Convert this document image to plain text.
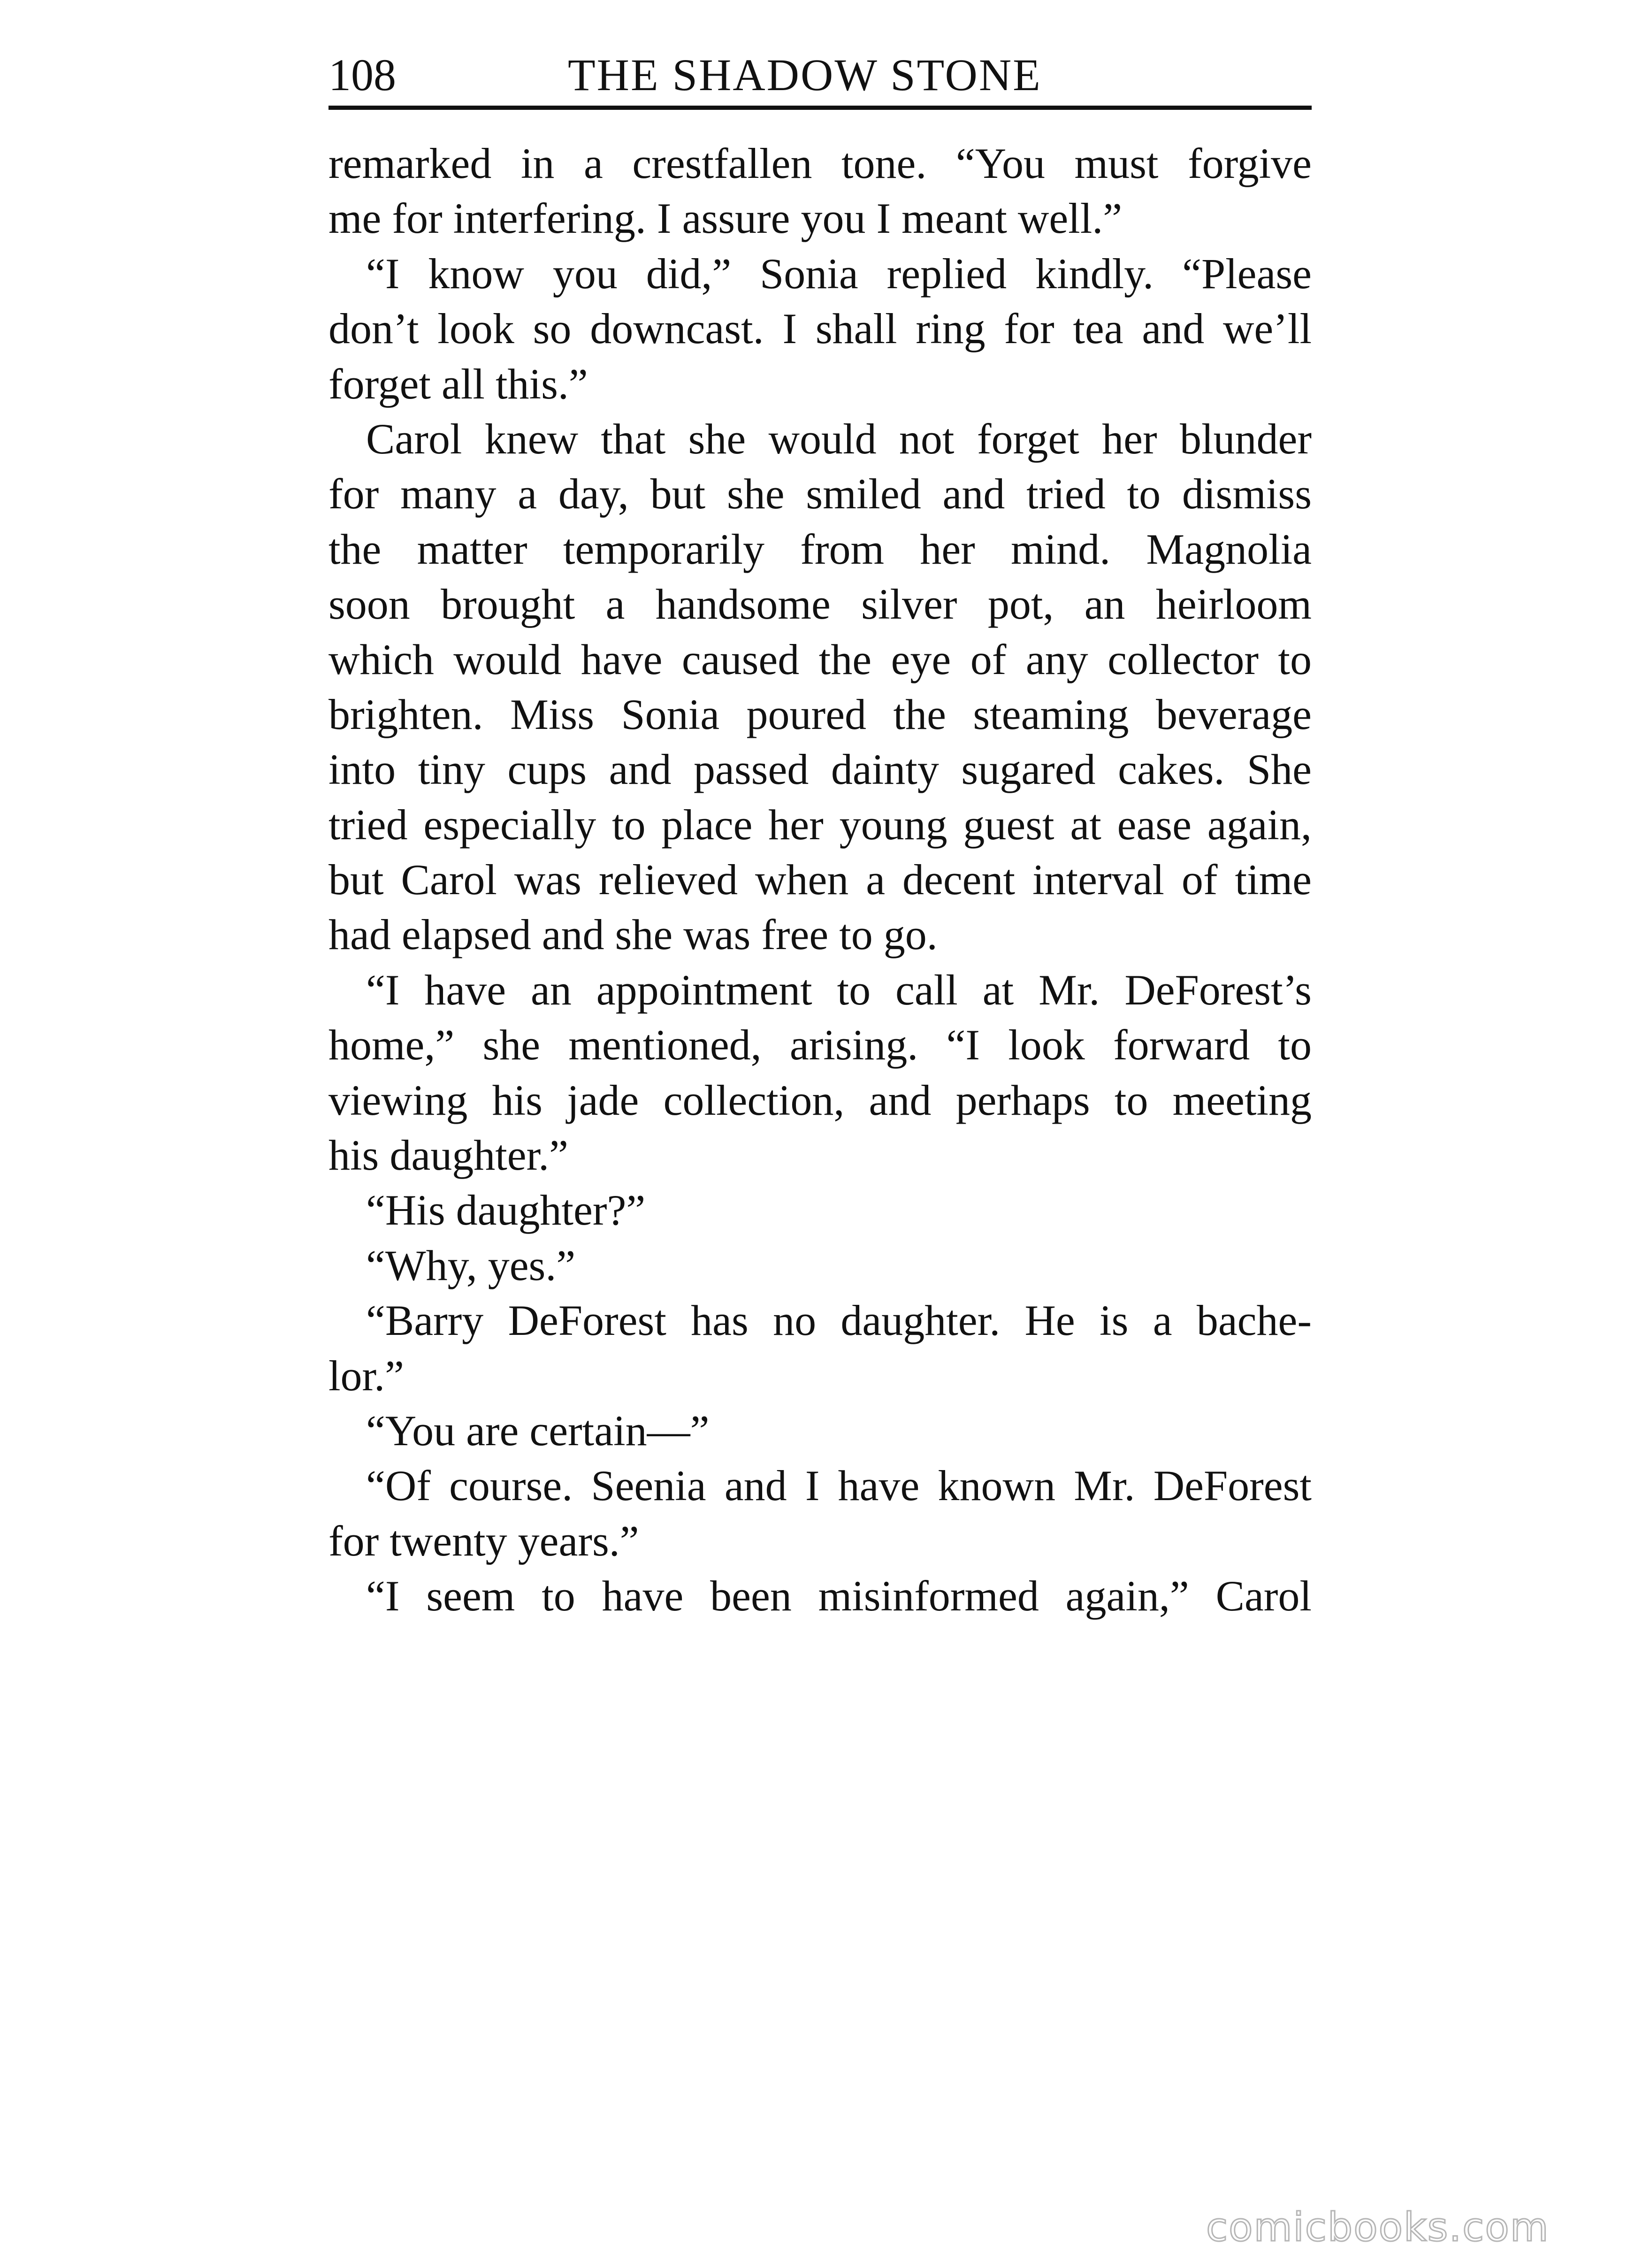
108	THE SHADOW STONE
remarked in a crestfallen tone. “You must forgive
me for interfering. I assure you I meant well.”
“I know you did,” Sonia replied kindly. “Please
don’t look so downcast. I shall ring for tea and we’ll
forget all this.”
Carol knew that she would not forget her blunder
for many a day, but she smiled and tried to dismiss
the matter temporarily from her mind. Magnolia
soon brought a handsome silver pot, an heirloom
which would have caused the eye of any collector to
brighten. Miss Sonia poured the steaming beverage
into tiny cups and passed dainty sugared cakes. She
tried especially to place her young guest at ease again,
but Carol was relieved when a decent interval of time
had elapsed and she was free to go.
“I have an appointment to call at Mr. DeForest’s
home,” she mentioned, arising. “I look forward to
viewing his jade collection, and perhaps to meeting
his daughter.”
“His daughter?”
“Why, yes.”
“Barry DeForest has no daughter. He is a bache-
lor.”
“You are certain—”
“Of course. Seenia and I have known Mr. DeForest
for twenty years.”
“I seem to have been misinformed again,” Carol
comicbooks.com
